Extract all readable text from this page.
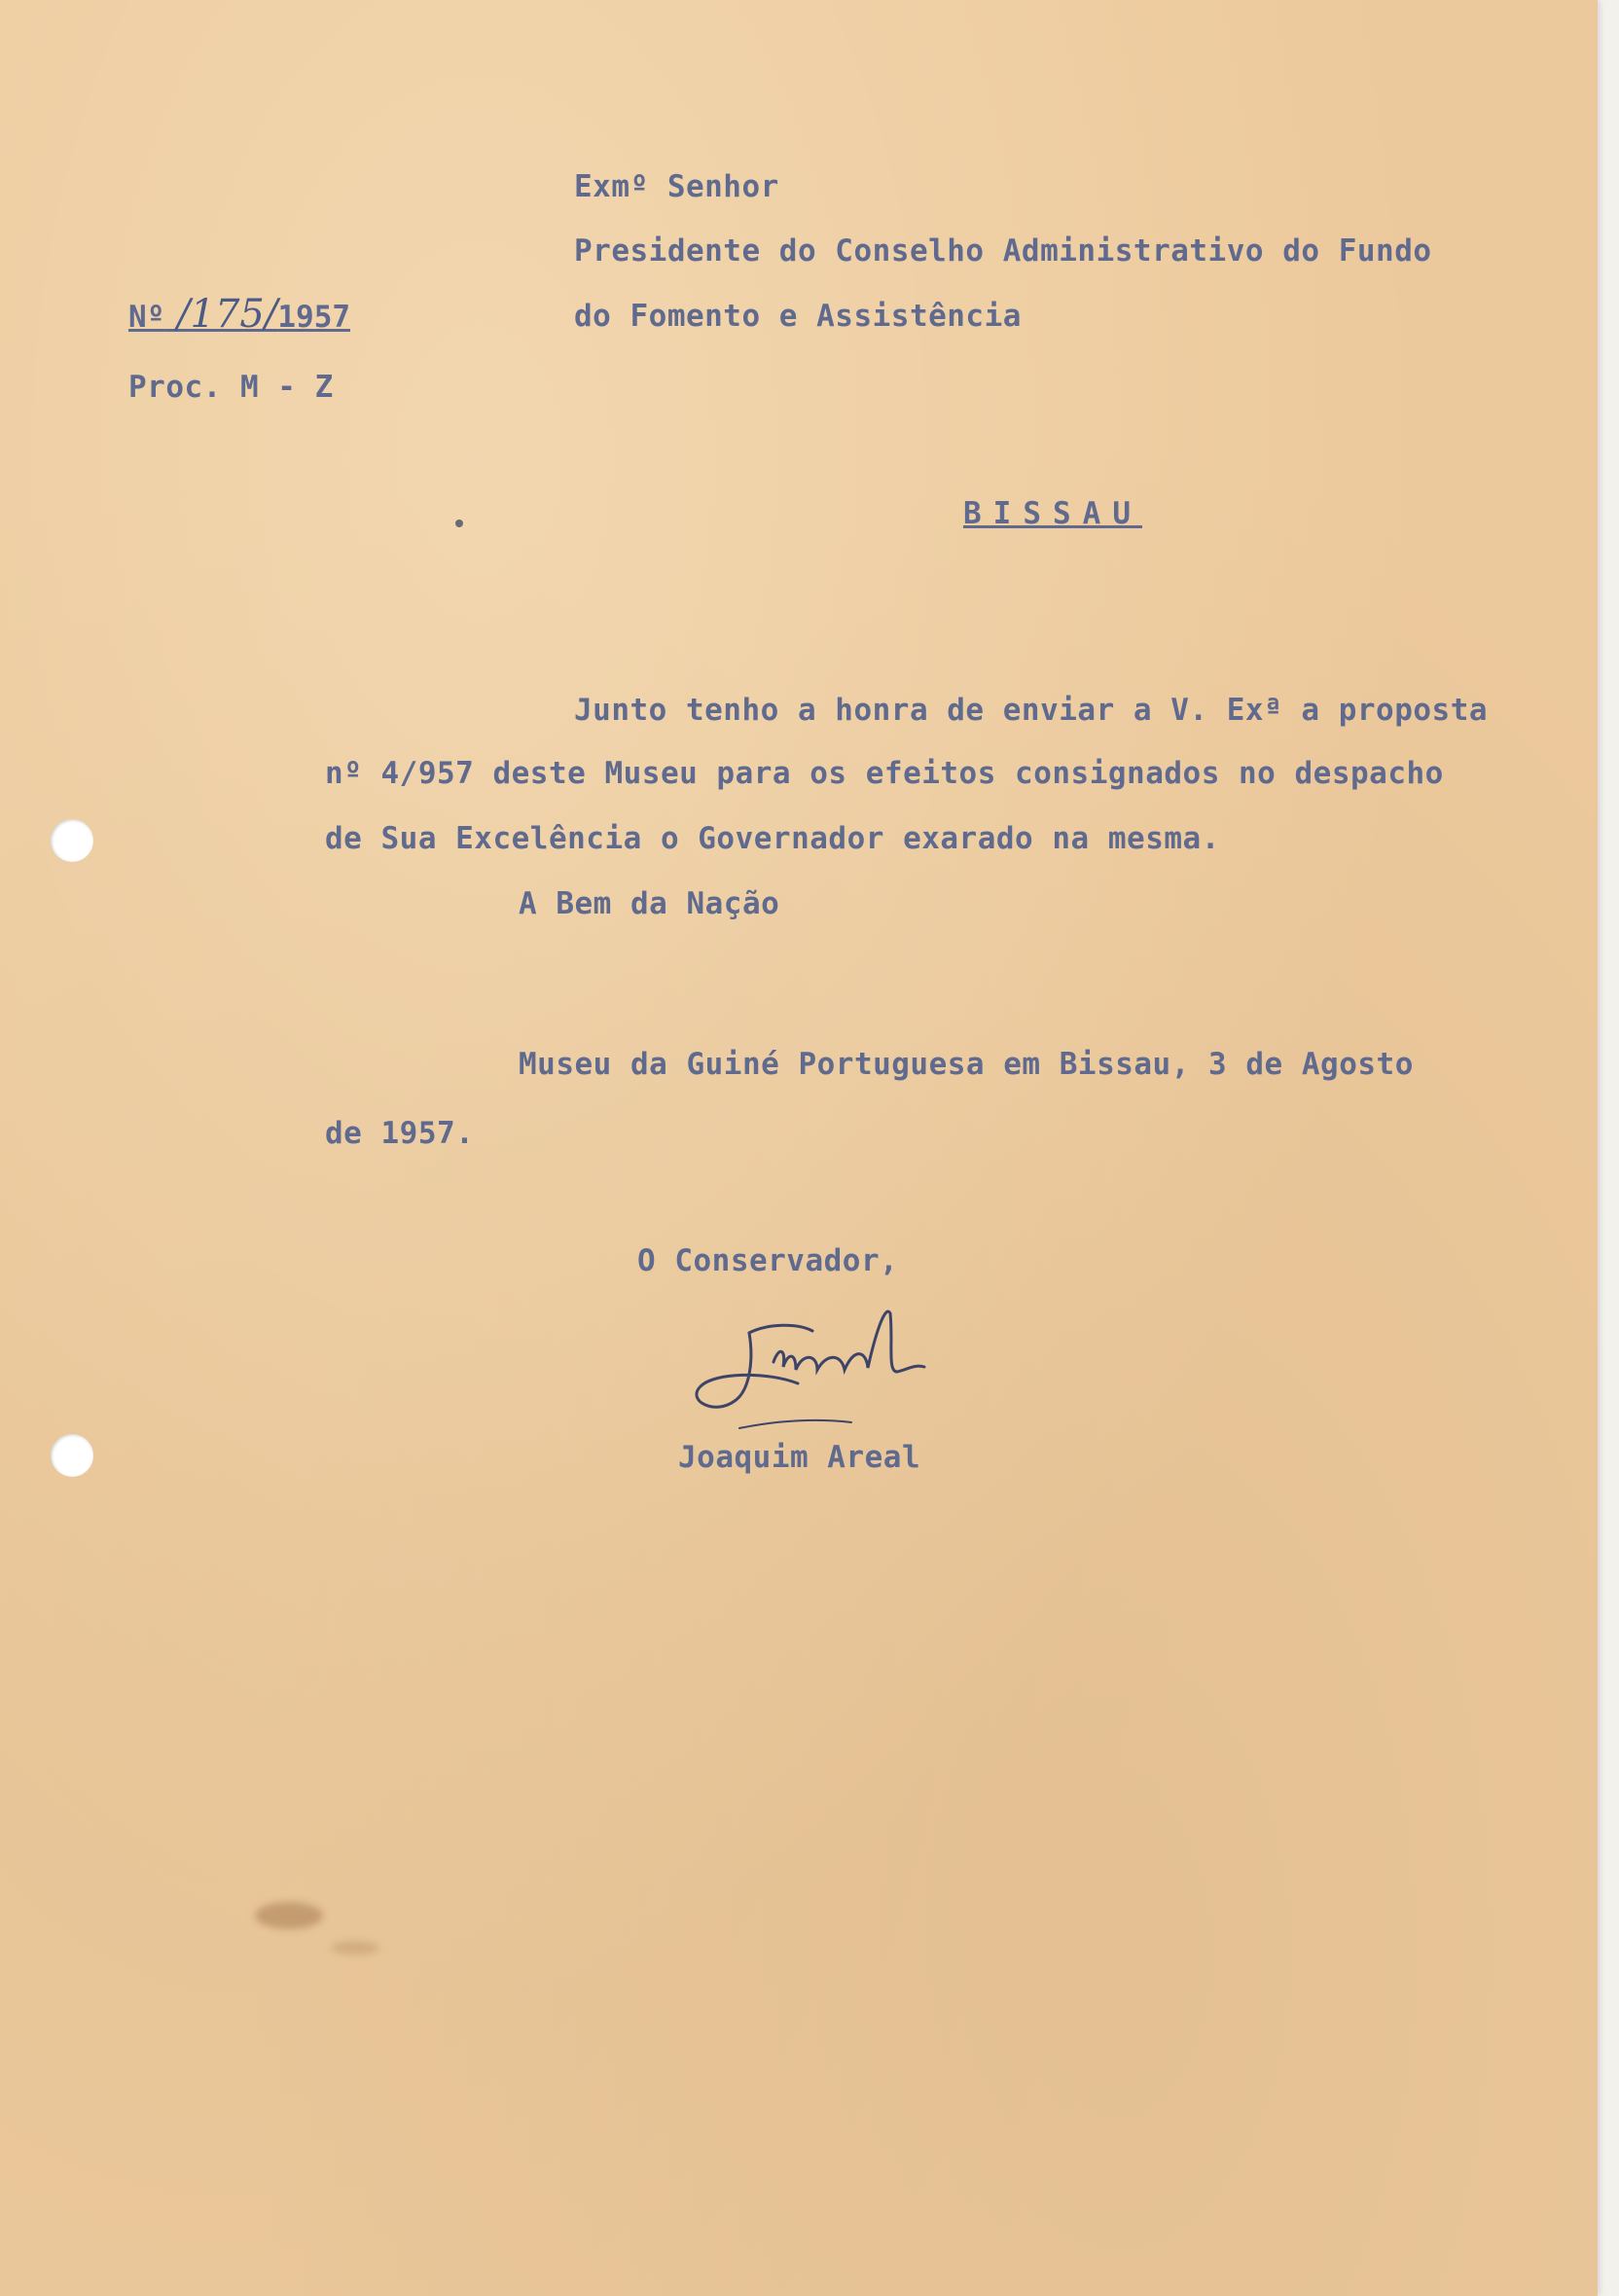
Exmº Senhor
Presidente do Conselho Administrativo do Fundo
do Fomento e Assistência
Nº /175/1957
Proc. M - Z
BISSAU
Junto tenho a honra de enviar a V. Exª a proposta
nº 4/957 deste Museu para os efeitos consignados no despacho
de Sua Excelência o Governador exarado na mesma.
A Bem da Nação
Museu da Guiné Portuguesa em Bissau, 3 de Agosto
de 1957.
O Conservador,
Joaquim Areal
